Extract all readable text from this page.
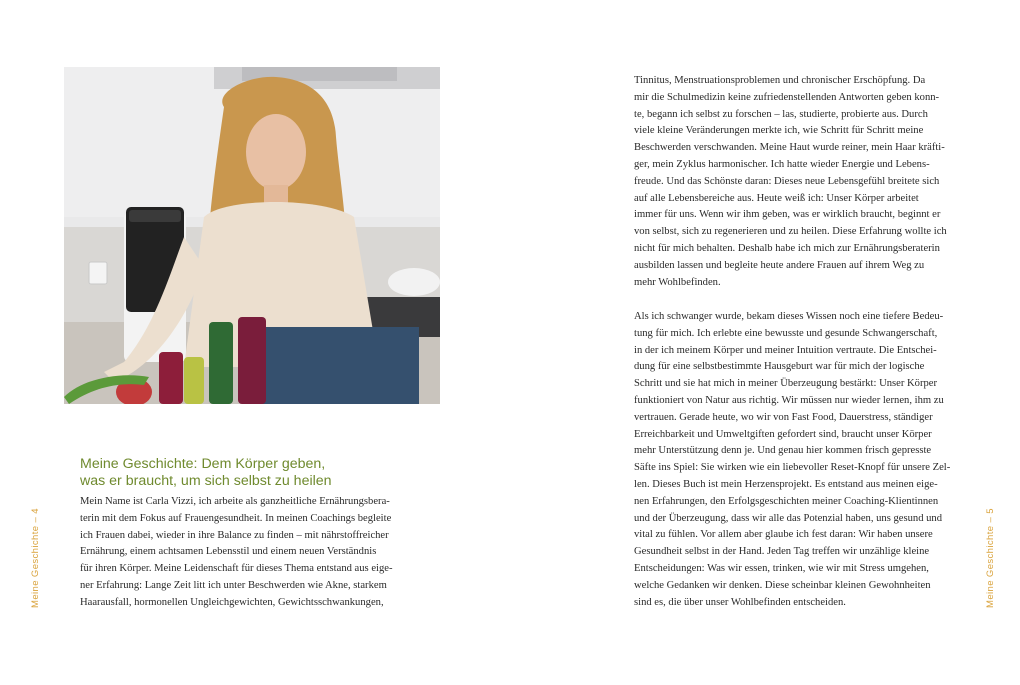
Meine Geschichte: Dem Körper geben,
was er braucht, um sich selbst zu heilen
Mein Name ist Carla Vizzi, ich arbeite als ganzheitliche Ernährungsbera-
terin mit dem Fokus auf Frauengesundheit. In meinen Coachings begleite
ich Frauen dabei, wieder in ihre Balance zu finden – mit nährstoffreicher
Ernährung, einem achtsamen Lebensstil und einem neuen Verständnis
für ihren Körper. Meine Leidenschaft für dieses Thema entstand aus eige-
ner Erfahrung: Lange Zeit litt ich unter Beschwerden wie Akne, starkem
Haarausfall, hormonellen Ungleichgewichten, Gewichtsschwankungen,
Meine Geschichte – 4
Tinnitus, Menstruationsproblemen und chronischer Erschöpfung. Da
mir die Schulmedizin keine zufriedenstellenden Antworten geben konn-
te, begann ich selbst zu forschen – las, studierte, probierte aus. Durch
viele kleine Veränderungen merkte ich, wie Schritt für Schritt meine
Beschwerden verschwanden. Meine Haut wurde reiner, mein Haar kräfti-
ger, mein Zyklus harmonischer. Ich hatte wieder Energie und Lebens-
freude. Und das Schönste daran: Dieses neue Lebensgefühl breitete sich
auf alle Lebensbereiche aus. Heute weiß ich: Unser Körper arbeitet
immer für uns. Wenn wir ihm geben, was er wirklich braucht, beginnt er
von selbst, sich zu regenerieren und zu heilen. Diese Erfahrung wollte ich
nicht für mich behalten. Deshalb habe ich mich zur Ernährungsberaterin
ausbilden lassen und begleite heute andere Frauen auf ihrem Weg zu
mehr Wohlbefinden.
Als ich schwanger wurde, bekam dieses Wissen noch eine tiefere Bedeu-
tung für mich. Ich erlebte eine bewusste und gesunde Schwangerschaft,
in der ich meinem Körper und meiner Intuition vertraute. Die Entschei-
dung für eine selbstbestimmte Hausgeburt war für mich der logische
Schritt und sie hat mich in meiner Überzeugung bestärkt: Unser Körper
funktioniert von Natur aus richtig. Wir müssen nur wieder lernen, ihm zu
vertrauen. Gerade heute, wo wir von Fast Food, Dauerstress, ständiger
Erreichbarkeit und Umweltgiften gefordert sind, braucht unser Körper
mehr Unterstützung denn je. Und genau hier kommen frisch gepresste
Säfte ins Spiel: Sie wirken wie ein liebevoller Reset-Knopf für unsere Zel-
len. Dieses Buch ist mein Herzensprojekt. Es entstand aus meinen eige-
nen Erfahrungen, den Erfolgsgeschichten meiner Coaching-Klientinnen
und der Überzeugung, dass wir alle das Potenzial haben, uns gesund und
vital zu fühlen. Vor allem aber glaube ich fest daran: Wir haben unsere
Gesundheit selbst in der Hand. Jeden Tag treffen wir unzählige kleine
Entscheidungen: Was wir essen, trinken, wie wir mit Stress umgehen,
welche Gedanken wir denken. Diese scheinbar kleinen Gewohnheiten
sind es, die über unser Wohlbefinden entscheiden.	Meine Geschichte – 5
